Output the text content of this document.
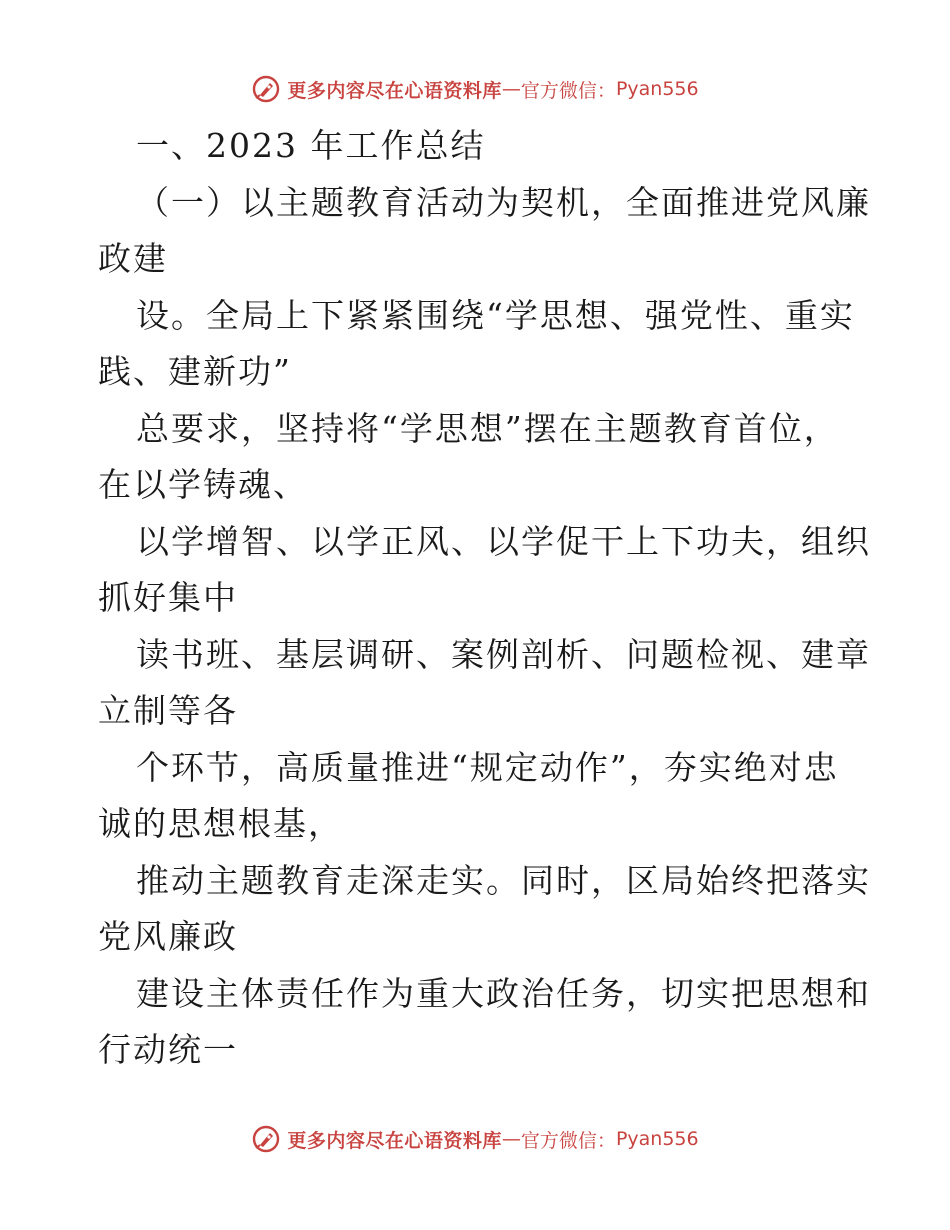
更多内容尽在心语资料库 — 官方微信： Pyan556
一、2023 年工作总结
（一）以主题教育活动为契机，全面推进党风廉
政建
设。全局上下紧紧围绕“学思想、强党性、重实
践、建新功”
总要求，坚持将“学思想”摆在主题教育首位，
在以学铸魂、
以学增智、以学正风、以学促干上下功夫，组织
抓好集中
读书班、基层调研、案例剖析、问题检视、建章
立制等各
个环节，高质量推进“规定动作”，夯实绝对忠
诚的思想根基，
推动主题教育走深走实。同时，区局始终把落实
党风廉政
建设主体责任作为重大政治任务，切实把思想和
行动统一
更多内容尽在心语资料库 — 官方微信： Pyan556
